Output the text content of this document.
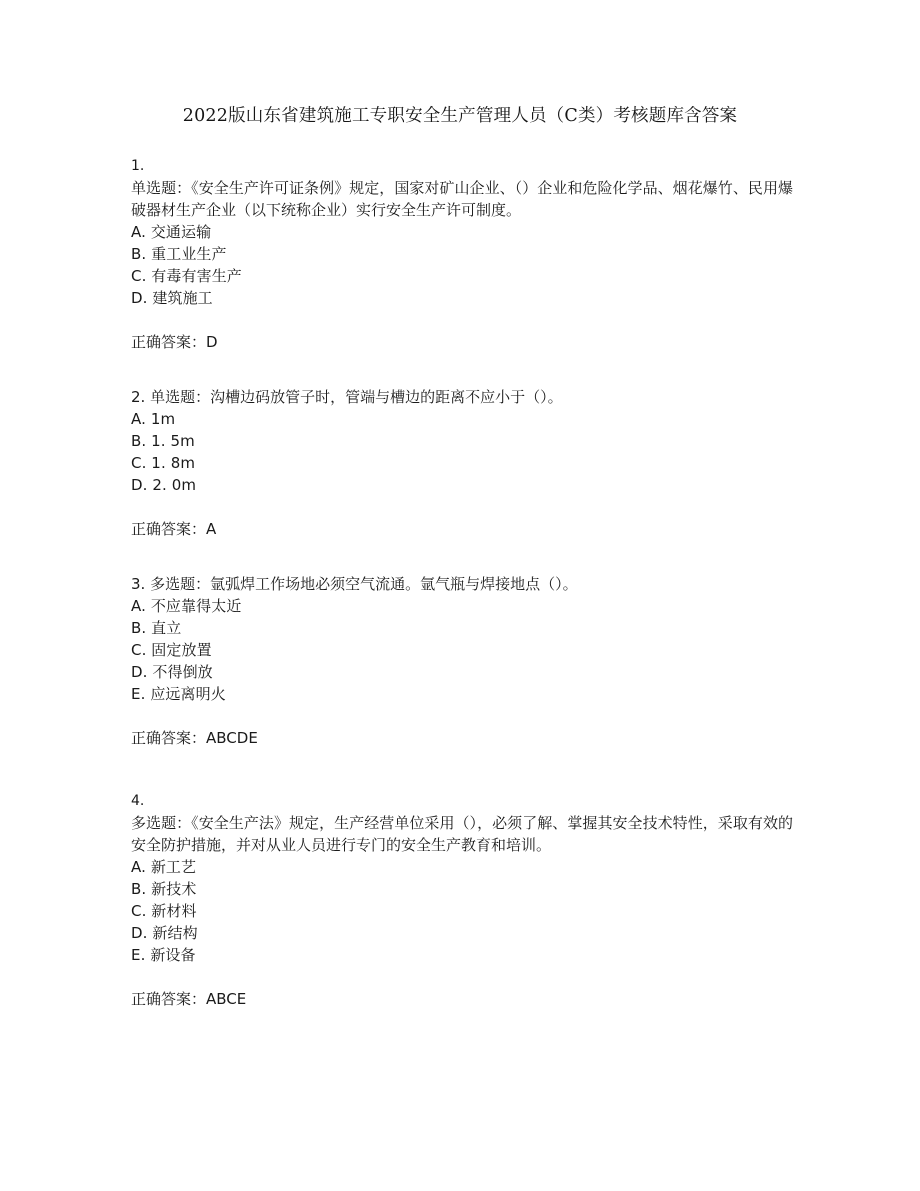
2022版山东省建筑施工专职安全生产管理人员（C类）考核题库含答案
1.
单选题：《安全生产许可证条例》规定，国家对矿山企业、（）企业和危险化学品、烟花爆竹、民用爆破器材生产企业（以下统称企业）实行安全生产许可制度。
A. 交通运输
B. 重工业生产
C. 有毒有害生产
D. 建筑施工
正确答案：D
2. 单选题：沟槽边码放管子时，管端与槽边的距离不应小于（）。
A. 1m
B. 1. 5m
C. 1. 8m
D. 2. 0m
正确答案：A
3. 多选题：氩弧焊工作场地必须空气流通。氩气瓶与焊接地点（）。
A. 不应靠得太近
B. 直立
C. 固定放置
D. 不得倒放
E. 应远离明火
正确答案：ABCDE
4.
多选题：《安全生产法》规定，生产经营单位采用（），必须了解、掌握其安全技术特性，采取有效的安全防护措施，并对从业人员进行专门的安全生产教育和培训。
A. 新工艺
B. 新技术
C. 新材料
D. 新结构
E. 新设备
正确答案：ABCE
